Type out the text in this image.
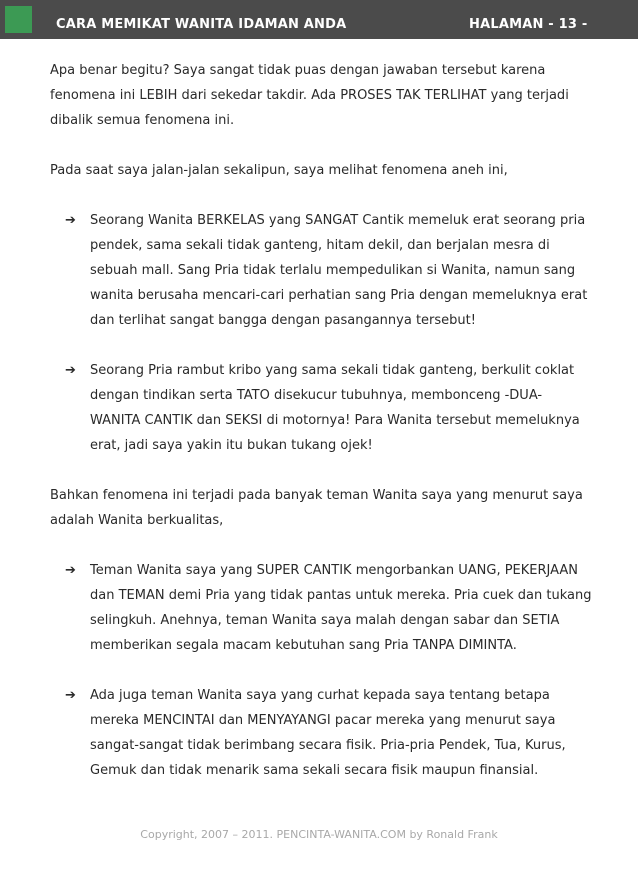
CARA MEMIKAT WANITA IDAMAN ANDA	HALAMAN - 13 -

Apa benar begitu? Saya sangat tidak puas dengan jawaban tersebut karena
fenomena ini LEBIH dari sekedar takdir. Ada PROSES TAK TERLIHAT yang terjadi
dibalik semua fenomena ini.

Pada saat saya jalan-jalan sekalipun, saya melihat fenomena aneh ini,

➔ Seorang Wanita BERKELAS yang SANGAT Cantik memeluk erat seorang pria
pendek, sama sekali tidak ganteng, hitam dekil, dan berjalan mesra di
sebuah mall. Sang Pria tidak terlalu mempedulikan si Wanita, namun sang
wanita berusaha mencari-cari perhatian sang Pria dengan memeluknya erat
dan terlihat sangat bangga dengan pasangannya tersebut!

➔ Seorang Pria rambut kribo yang sama sekali tidak ganteng, berkulit coklat
dengan tindikan serta TATO disekucur tubuhnya, membonceng -DUA-
WANITA CANTIK dan SEKSI di motornya! Para Wanita tersebut memeluknya
erat, jadi saya yakin itu bukan tukang ojek!

Bahkan fenomena ini terjadi pada banyak teman Wanita saya yang menurut saya
adalah Wanita berkualitas,

➔ Teman Wanita saya yang SUPER CANTIK mengorbankan UANG, PEKERJAAN
dan TEMAN demi Pria yang tidak pantas untuk mereka. Pria cuek dan tukang
selingkuh. Anehnya, teman Wanita saya malah dengan sabar dan SETIA
memberikan segala macam kebutuhan sang Pria TANPA DIMINTA.

➔ Ada juga teman Wanita saya yang curhat kepada saya tentang betapa
mereka MENCINTAI dan MENYAYANGI pacar mereka yang menurut saya
sangat-sangat tidak berimbang secara fisik. Pria-pria Pendek, Tua, Kurus,
Gemuk dan tidak menarik sama sekali secara fisik maupun finansial.

Copyright, 2007 – 2011. PENCINTA-WANITA.COM by Ronald Frank
